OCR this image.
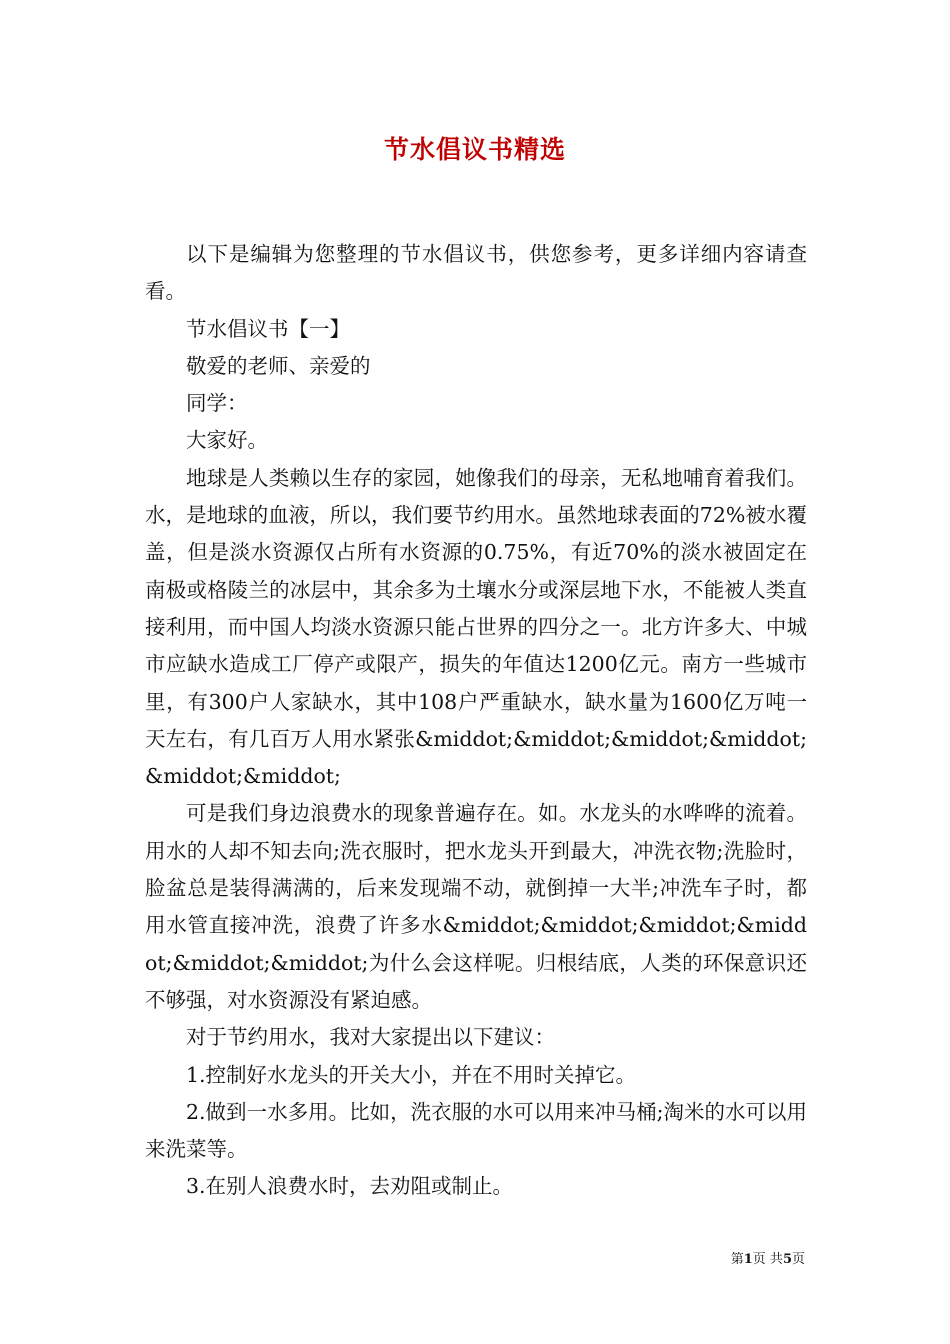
节水倡议书精选

以下是编辑为您整理的节水倡议书，供您参考，更多详细内容请查看。

节水倡议书【一】

敬爱的老师、亲爱的

同学：

大家好。

地球是人类赖以生存的家园，她像我们的母亲，无私地哺育着我们。水，是地球的血液，所以，我们要节约用水。虽然地球表面的72%被水覆盖，但是淡水资源仅占所有水资源的0.75%，有近70%的淡水被固定在南极或格陵兰的冰层中，其余多为土壤水分或深层地下水，不能被人类直接利用，而中国人均淡水资源只能占世界的四分之一。北方许多大、中城市应缺水造成工厂停产或限产，损失的年值达1200亿元。南方一些城市里，有300户人家缺水，其中108户严重缺水，缺水量为1600亿万吨一天左右，有几百万人用水紧张&middot;&middot;&middot;&middot;&middot;&middot;

可是我们身边浪费水的现象普遍存在。如。水龙头的水哗哗的流着。用水的人却不知去向;洗衣服时，把水龙头开到最大，冲洗衣物;洗脸时，脸盆总是装得满满的，后来发现端不动，就倒掉一大半;冲洗车子时，都用水管直接冲洗，浪费了许多水&middot;&middot;&middot;&middot;&middot;&middot;为什么会这样呢。归根结底，人类的环保意识还不够强，对水资源没有紧迫感。

对于节约用水，我对大家提出以下建议：

1.控制好水龙头的开关大小，并在不用时关掉它。

2.做到一水多用。比如，洗衣服的水可以用来冲马桶;淘米的水可以用来洗菜等。

3.在别人浪费水时，去劝阻或制止。

第1页 共5页
